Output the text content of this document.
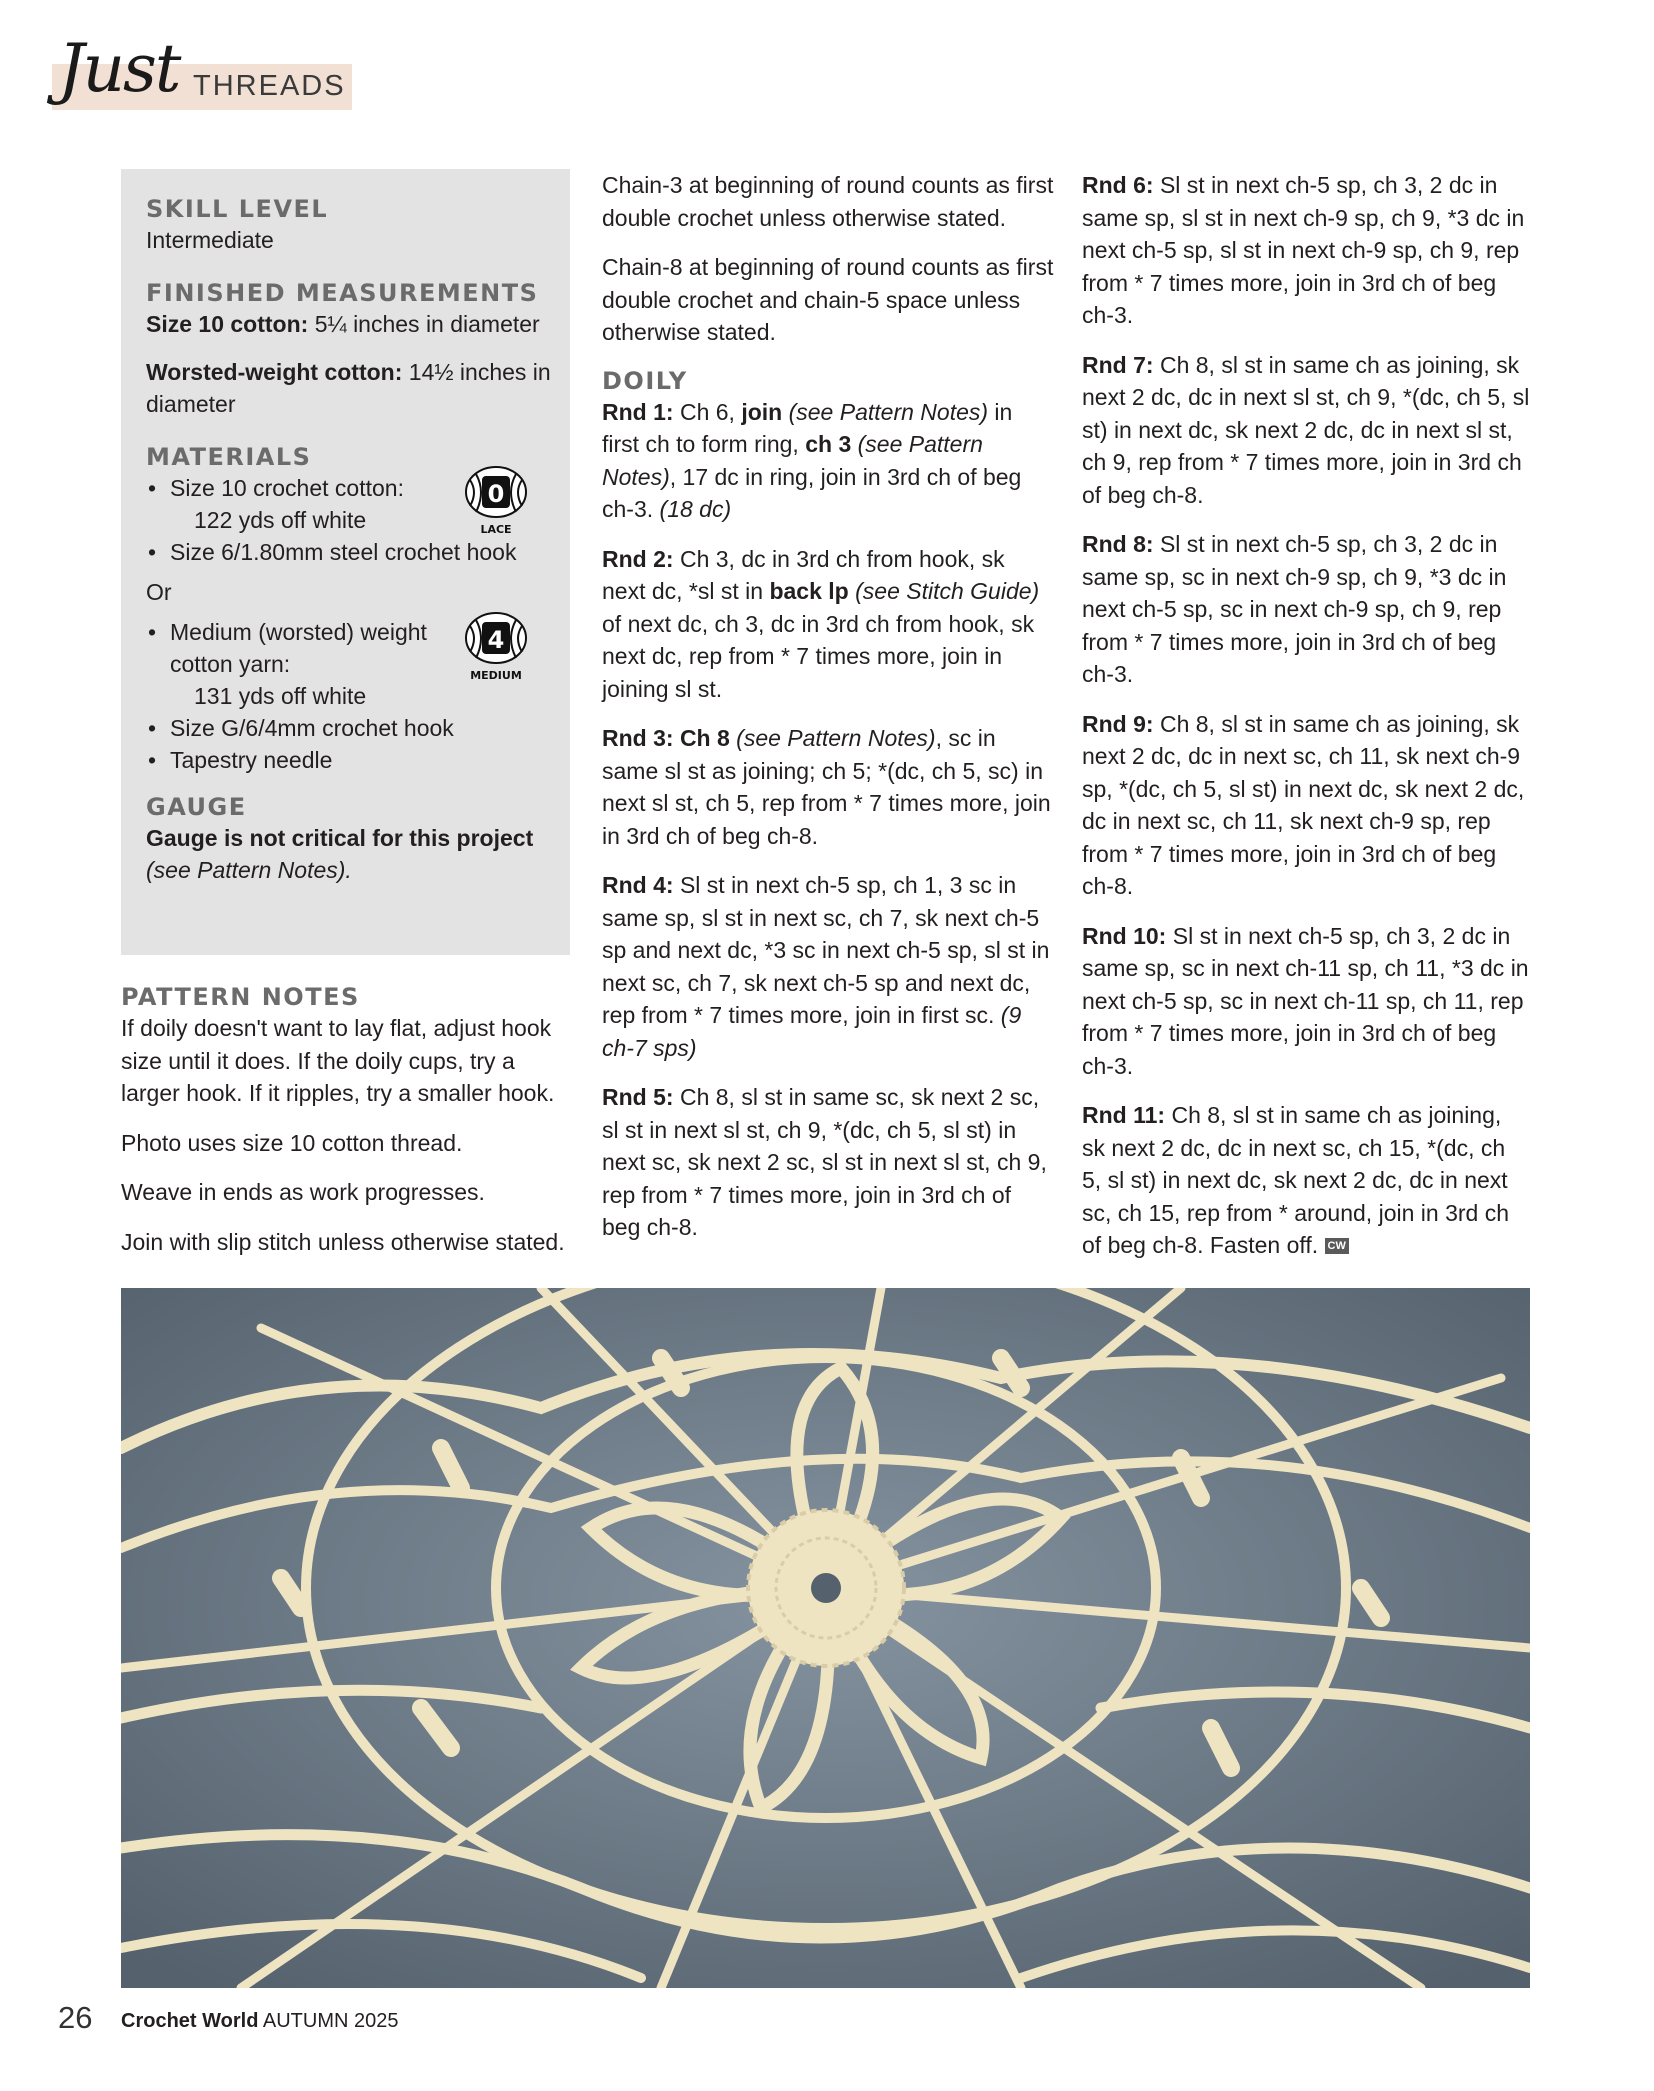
Just THREADS
SKILL LEVEL

Intermediate

FINISHED MEASUREMENTS

Size 10 cotton: 5¼ inches in diameter

Worsted-weight cotton: 14½ inches in diameter

MATERIALS
0
LACE
• Size 10 crochet cotton:
122 yds off white
• Size 6/1.80mm steel crochet hook

Or

4
MEDIUM
• Medium (worsted) weight cotton yarn:
131 yds off white
• Size G/6/4mm crochet hook
• Tapestry needle
GAUGE

Gauge is not critical for this project
(see Pattern Notes).

PATTERN NOTES

If doily doesn't want to lay flat, adjust hook size until it does. If the doily cups, try a larger hook. If it ripples, try a smaller hook.

Photo uses size 10 cotton thread.

Weave in ends as work progresses.

Join with slip stitch unless otherwise stated.

Chain-3 at beginning of round counts as first double crochet unless otherwise stated.

Chain-8 at beginning of round counts as first double crochet and chain-5 space unless otherwise stated.

DOILY

Rnd 1: Ch 6, join (see Pattern Notes) in first ch to form ring, ch 3 (see Pattern Notes), 17 dc in ring, join in 3rd ch of beg ch-3. (18 dc)

Rnd 2: Ch 3, dc in 3rd ch from hook, sk next dc, *sl st in back lp (see Stitch Guide) of next dc, ch 3, dc in 3rd ch from hook, sk next dc, rep from * 7 times more, join in joining sl st.

Rnd 3: Ch 8 (see Pattern Notes), sc in same sl st as joining; ch 5; *(dc, ch 5, sc) in next sl st, ch 5, rep from * 7 times more, join in 3rd ch of beg ch-8.

Rnd 4: Sl st in next ch-5 sp, ch 1, 3 sc in same sp, sl st in next sc, ch 7, sk next ch-5 sp and next dc, *3 sc in next ch-5 sp, sl st in next sc, ch 7, sk next ch-5 sp and next dc, rep from * 7 times more, join in first sc. (9 ch-7 sps)

Rnd 5: Ch 8, sl st in same sc, sk next 2 sc, sl st in next sl st, ch 9, *(dc, ch 5, sl st) in next sc, sk next 2 sc, sl st in next sl st, ch 9, rep from * 7 times more, join in 3rd ch of beg ch-8.

Rnd 6: Sl st in next ch-5 sp, ch 3, 2 dc in same sp, sl st in next ch-9 sp, ch 9, *3 dc in next ch-5 sp, sl st in next ch-9 sp, ch 9, rep from * 7 times more, join in 3rd ch of beg ch-3.

Rnd 7: Ch 8, sl st in same ch as joining, sk next 2 dc, dc in next sl st, ch 9, *(dc, ch 5, sl st) in next dc, sk next 2 dc, dc in next sl st, ch 9, rep from * 7 times more, join in 3rd ch of beg ch-8.

Rnd 8: Sl st in next ch-5 sp, ch 3, 2 dc in same sp, sc in next ch-9 sp, ch 9, *3 dc in next ch-5 sp, sc in next ch-9 sp, ch 9, rep from * 7 times more, join in 3rd ch of beg ch-3.

Rnd 9: Ch 8, sl st in same ch as joining, sk next 2 dc, dc in next sc, ch 11, sk next ch-9 sp, *(dc, ch 5, sl st) in next dc, sk next 2 dc, dc in next sc, ch 11, sk next ch-9 sp, rep from * 7 times more, join in 3rd ch of beg ch-8.

Rnd 10: Sl st in next ch-5 sp, ch 3, 2 dc in same sp, sc in next ch-11 sp, ch 11, *3 dc in next ch-5 sp, sc in next ch-11 sp, ch 11, rep from * 7 times more, join in 3rd ch of beg ch-3.

Rnd 11: Ch 8, sl st in same ch as joining, sk next 2 dc, dc in next sc, ch 15, *(dc, ch 5, sl st) in next dc, sk next 2 dc, dc in next sc, ch 15, rep from * around, join in 3rd ch of beg ch-8. Fasten off. CW

26 Crochet World AUTUMN 2025
